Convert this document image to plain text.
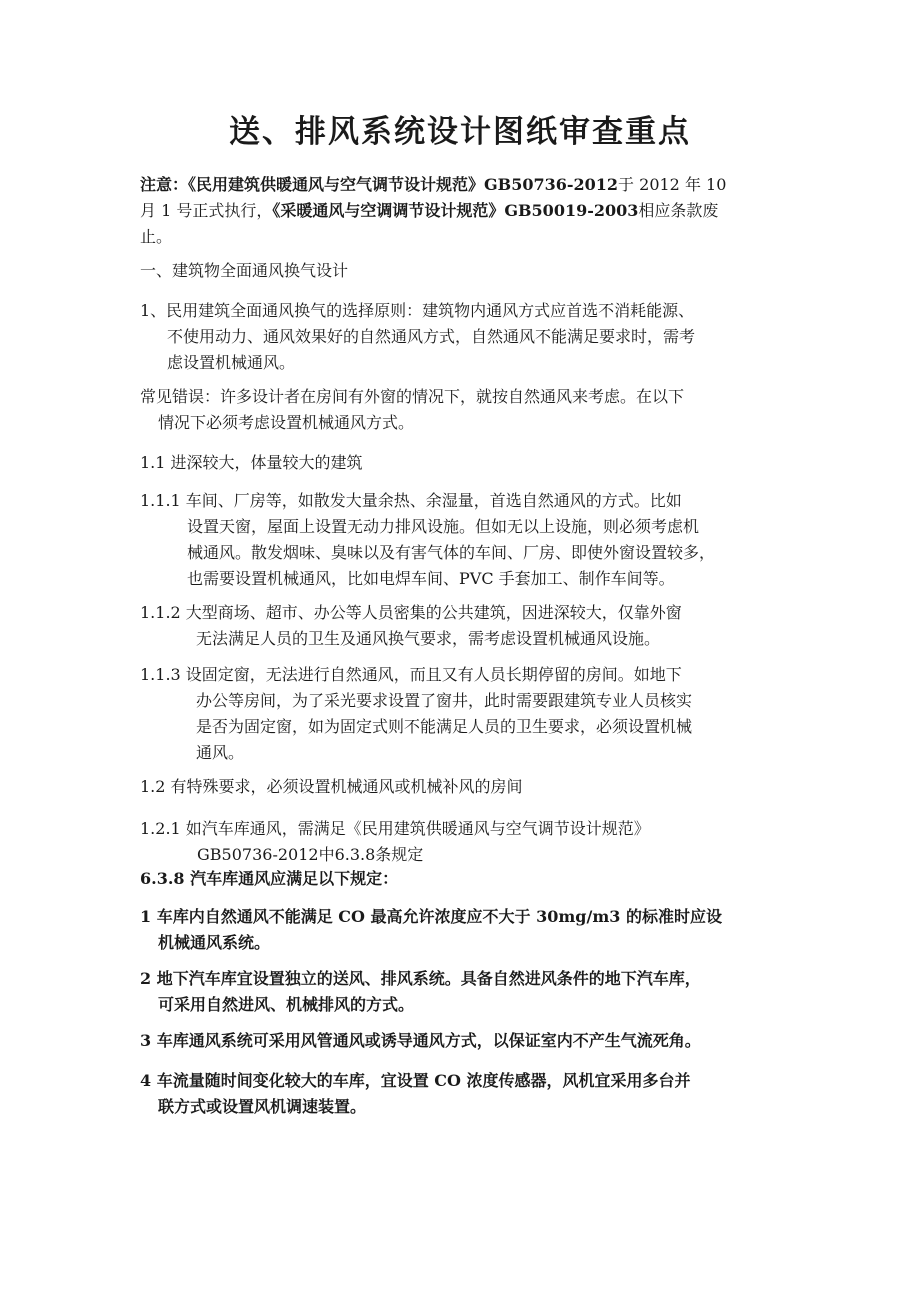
送、排风系统设计图纸审查重点

注意：《民用建筑供暖通风与空气调节设计规范》GB50736-2012于 2012 年 10
月 1 号正式执行，《采暖通风与空调调节设计规范》GB50019-2003相应条款废
止。

一、建筑物全面通风换气设计

1、民用建筑全面通风换气的选择原则：建筑物内通风方式应首选不消耗能源、
不使用动力、通风效果好的自然通风方式，自然通风不能满足要求时，需考
虑设置机械通风。

常见错误：许多设计者在房间有外窗的情况下，就按自然通风来考虑。在以下
情况下必须考虑设置机械通风方式。

1.1 进深较大，体量较大的建筑

1.1.1 车间、厂房等，如散发大量余热、余湿量，首选自然通风的方式。比如
设置天窗，屋面上设置无动力排风设施。但如无以上设施，则必须考虑机
械通风。散发烟味、臭味以及有害气体的车间、厂房、即使外窗设置较多，
也需要设置机械通风，比如电焊车间、PVC 手套加工、制作车间等。

1.1.2 大型商场、超市、办公等人员密集的公共建筑，因进深较大，仅靠外窗
无法满足人员的卫生及通风换气要求，需考虑设置机械通风设施。

1.1.3 设固定窗，无法进行自然通风，而且又有人员长期停留的房间。如地下
办公等房间，为了采光要求设置了窗井，此时需要跟建筑专业人员核实
是否为固定窗，如为固定式则不能满足人员的卫生要求，必须设置机械
通风。

1.2 有特殊要求，必须设置机械通风或机械补风的房间

1.2.1 如汽车库通风，需满足《民用建筑供暖通风与空气调节设计规范》
GB50736-2012中6.3.8条规定

6.3.8 汽车库通风应满足以下规定：

1 车库内自然通风不能满足 CO 最高允许浓度应不大于 30mg/m3 的标准时应设
机械通风系统。

2 地下汽车库宜设置独立的送风、排风系统。具备自然进风条件的地下汽车库，
可采用自然进风、机械排风的方式。

3 车库通风系统可采用风管通风或诱导通风方式，以保证室内不产生气流死角。

4 车流量随时间变化较大的车库，宜设置 CO 浓度传感器，风机宜采用多台并
联方式或设置风机调速装置。
